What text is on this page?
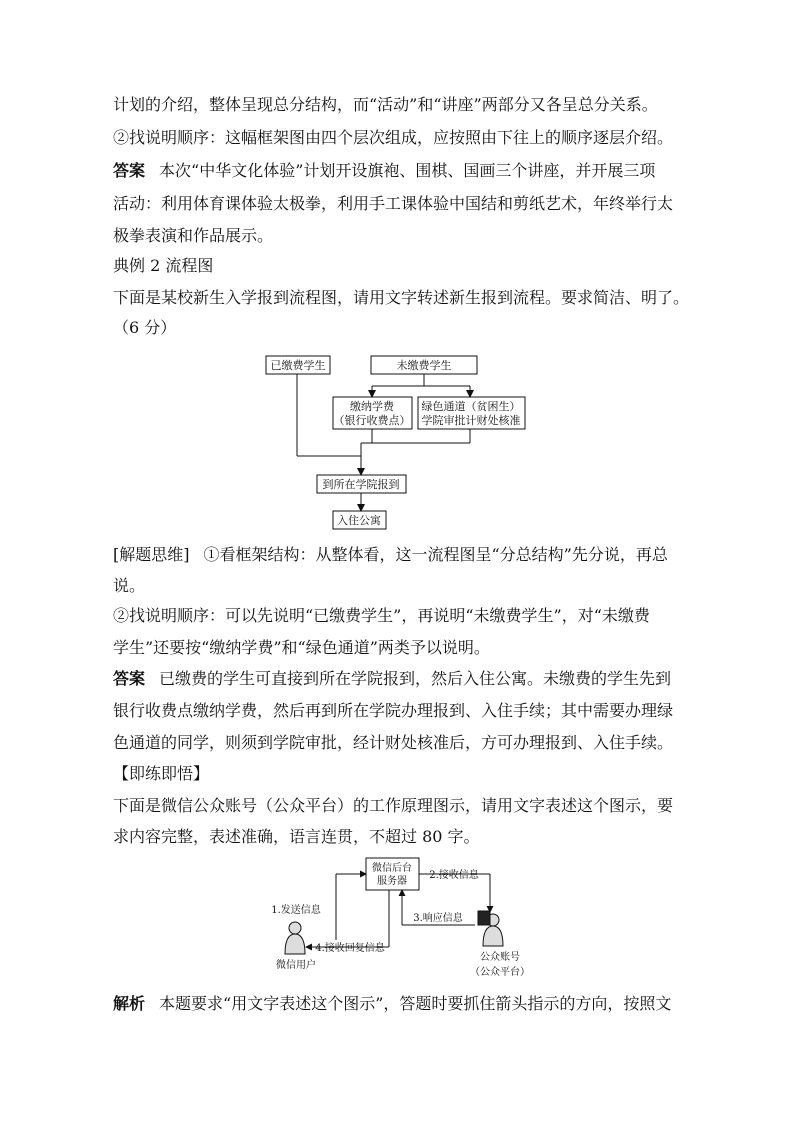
计划的介绍，整体呈现总分结构，而“活动”和“讲座”两部分又各呈总分关系。
②找说明顺序：这幅框架图由四个层次组成，应按照由下往上的顺序逐层介绍。
答案 本次“中华文化体验”计划开设旗袍、围棋、国画三个讲座，并开展三项
活动：利用体育课体验太极拳，利用手工课体验中国结和剪纸艺术，年终举行太
极拳表演和作品展示。
典例 2 流程图
下面是某校新生入学报到流程图，请用文字转述新生报到流程。要求简洁、明了。
（6 分）
已缴费学生	未缴费学生
缴纳学费
（银行收费点）
绿色通道（贫困生）
学院审批计财处核准
到所在学院报到
入住公寓
[解题思维] ①看框架结构：从整体看，这一流程图呈“分总结构”先分说，再总
说。
②找说明顺序：可以先说明“已缴费学生”，再说明“未缴费学生”，对“未缴费
学生”还要按“缴纳学费”和“绿色通道”两类予以说明。
答案 已缴费的学生可直接到所在学院报到，然后入住公寓。未缴费的学生先到
银行收费点缴纳学费，然后再到所在学院办理报到、入住手续；其中需要办理绿
色通道的同学，则须到学院审批，经计财处核准后，方可办理报到、入住手续。
【即练即悟】
下面是微信公众账号（公众平台）的工作原理图示，请用文字表述这个图示，要
求内容完整，表述准确，语言连贯，不超过 80 字。
微信后台
服务器
1.发送信息
2.接收信息
3.响应信息
4.接收回复信息
微信用户
公众账号
（公众平台）
解析 本题要求“用文字表述这个图示”，答题时要抓住箭头指示的方向，按照文
